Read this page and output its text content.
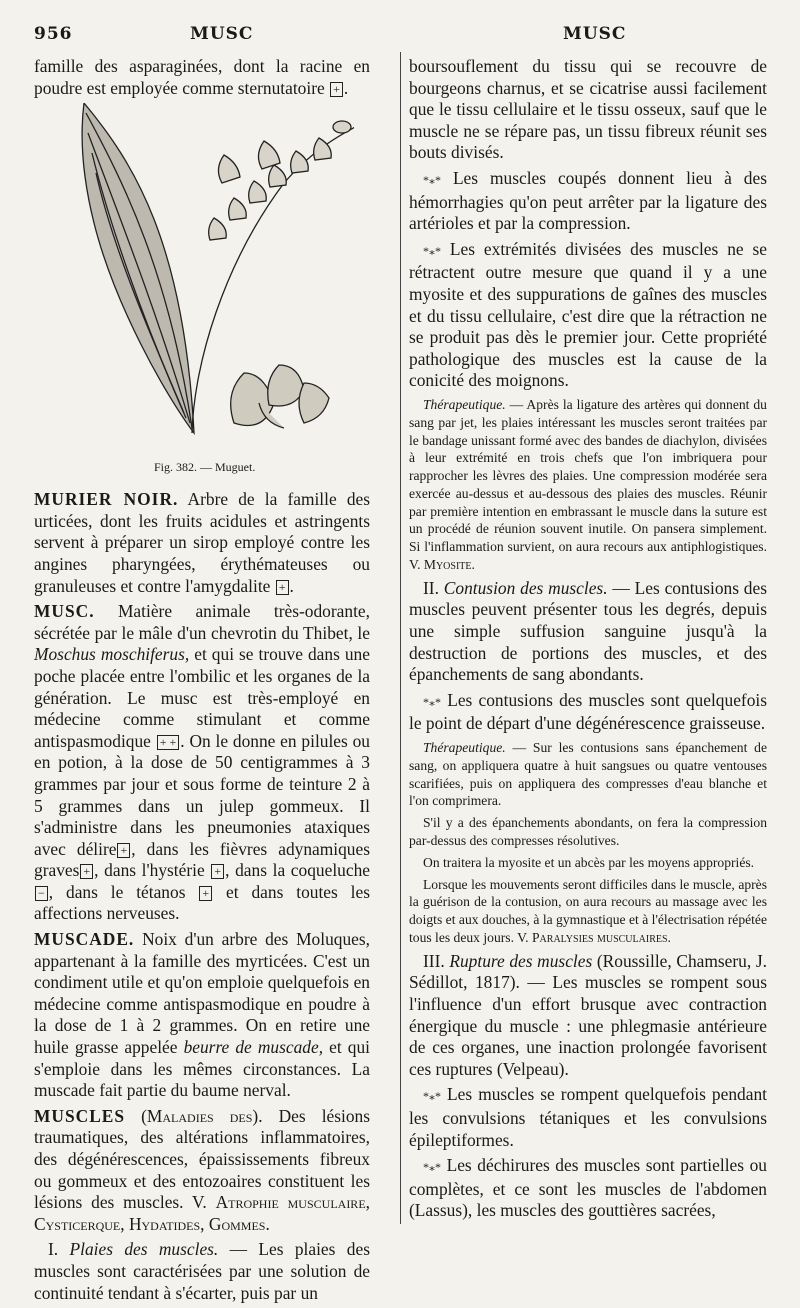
956	MUSC	MUSC

famille des asparaginées, dont la racine en poudre est employée comme sternutatoire + .

Fig. 382. — Muguet.

MURIER NOIR. Arbre de la famille des urticées, dont les fruits acidules et astringents servent à préparer un sirop employé contre les angines pharyngées, érythémateuses ou granuleuses et contre l'amygdalite + .

MUSC. Matière animale très-odorante, sécrétée par le mâle d'un chevrotin du Thibet, le Moschus moschiferus, et qui se trouve dans une poche placée entre l'ombilic et les organes de la génération. Le musc est très-employé en médecine comme stimulant et comme antispasmodique + + . On le donne en pilules ou en potion, à la dose de 50 centigrammes à 3 grammes par jour et sous forme de teinture 2 à 5 grammes dans un julep gommeux. Il s'administre dans les pneumonies ataxiques avec délire + , dans les fièvres adynamiques graves + , dans l'hystérie + , dans la coqueluche − , dans le tétanos + et dans toutes les affections nerveuses.

MUSCADE. Noix d'un arbre des Moluques, appartenant à la famille des myrticées. C'est un condiment utile et qu'on emploie quelquefois en médecine comme antispasmodique en poudre à la dose de 1 à 2 grammes. On en retire une huile grasse appelée beurre de muscade, et qui s'emploie dans les mêmes circonstances. La muscade fait partie du baume nerval.

MUSCLES (Maladies des). Des lésions traumatiques, des altérations inflammatoires, des dégénérescences, épaississements fibreux ou gommeux et des entozoaires constituent les lésions des muscles. V. Atrophie musculaire, Cysticerque, Hydatides, Gommes.

I. Plaies des muscles. — Les plaies des muscles sont caractérisées par une solution de continuité tendant à s'écarter, puis par un

boursouflement du tissu qui se recouvre de bourgeons charnus, et se cicatrise aussi facilement que le tissu cellulaire et le tissu osseux, sauf que le muscle ne se répare pas, un tissu fibreux réunit ses bouts divisés.

*⁎* Les muscles coupés donnent lieu à des hémorrhagies qu'on peut arrêter par la ligature des artérioles et par la compression.

*⁎* Les extrémités divisées des muscles ne se rétractent outre mesure que quand il y a une myosite et des suppurations de gaînes des muscles et du tissu cellulaire, c'est dire que la rétraction ne se produit pas dès le premier jour. Cette propriété pathologique des muscles est la cause de la conicité des moignons.

Thérapeutique. — Après la ligature des artères qui donnent du sang par jet, les plaies intéressant les muscles seront traitées par le bandage unissant formé avec des bandes de diachylon, divisées à leur extrémité en trois chefs que l'on imbriquera pour rapprocher les lèvres des plaies. Une compression modérée sera exercée au-dessus et au-dessous des plaies des muscles. Réunir par première intention en embrassant le muscle dans la suture est un procédé de réunion souvent inutile. On pansera simplement. Si l'inflammation survient, on aura recours aux antiphlogistiques. V. Myosite.

II. Contusion des muscles. — Les contusions des muscles peuvent présenter tous les degrés, depuis une simple suffusion sanguine jusqu'à la destruction de portions des muscles, et des épanchements de sang abondants.

*⁎* Les contusions des muscles sont quelquefois le point de départ d'une dégénérescence graisseuse.

Thérapeutique. — Sur les contusions sans épanchement de sang, on appliquera quatre à huit sangsues ou quatre ventouses scarifiées, puis on appliquera des compresses d'eau blanche et l'on comprimera.

S'il y a des épanchements abondants, on fera la compression par-dessus des compresses résolutives.

On traitera la myosite et un abcès par les moyens appropriés.

Lorsque les mouvements seront difficiles dans le muscle, après la guérison de la contusion, on aura recours au massage avec les doigts et aux douches, à la gymnastique et à l'électrisation répétée tous les deux jours. V. Paralysies musculaires.

III. Rupture des muscles (Roussille, Chamseru, J. Sédillot, 1817). — Les muscles se rompent sous l'influence d'un effort brusque avec contraction énergique du muscle : une phlegmasie antérieure de ces organes, une inaction prolongée favorisent ces ruptures (Velpeau).

*⁎* Les muscles se rompent quelquefois pendant les convulsions tétaniques et les convulsions épileptiformes.

*⁎* Les déchirures des muscles sont partielles ou complètes, et ce sont les muscles de l'abdomen (Lassus), les muscles des gouttières sacrées,
